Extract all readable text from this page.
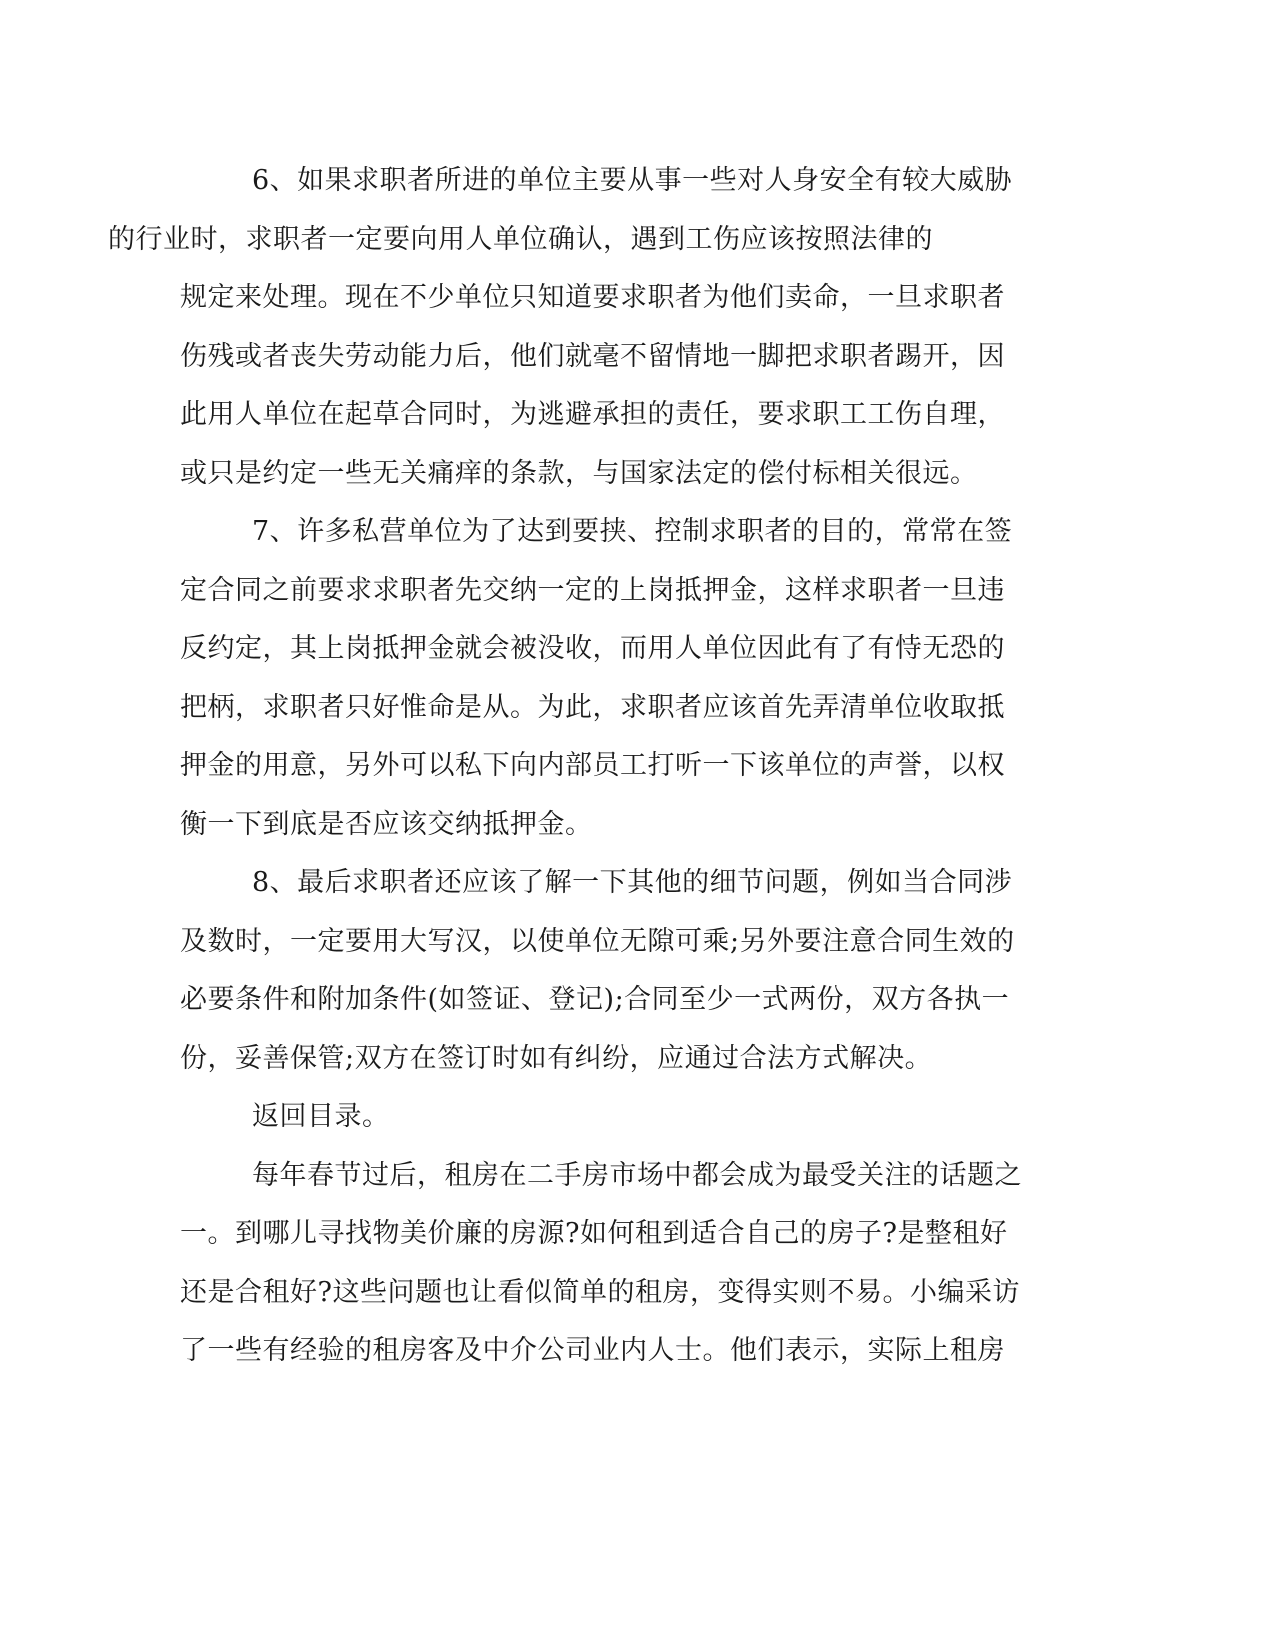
6、如果求职者所进的单位主要从事一些对人身安全有较大威胁
的行业时，求职者一定要向用人单位确认，遇到工伤应该按照法律的
规定来处理。现在不少单位只知道要求职者为他们卖命，一旦求职者
伤残或者丧失劳动能力后，他们就毫不留情地一脚把求职者踢开，因
此用人单位在起草合同时，为逃避承担的责任，要求职工工伤自理，
或只是约定一些无关痛痒的条款，与国家法定的偿付标相关很远。

7、许多私营单位为了达到要挟、控制求职者的目的，常常在签
定合同之前要求求职者先交纳一定的上岗抵押金，这样求职者一旦违
反约定，其上岗抵押金就会被没收，而用人单位因此有了有恃无恐的
把柄，求职者只好惟命是从。为此，求职者应该首先弄清单位收取抵
押金的用意，另外可以私下向内部员工打听一下该单位的声誉，以权
衡一下到底是否应该交纳抵押金。

8、最后求职者还应该了解一下其他的细节问题，例如当合同涉
及数时，一定要用大写汉，以使单位无隙可乘;另外要注意合同生效的
必要条件和附加条件(如签证、登记);合同至少一式两份，双方各执一
份，妥善保管;双方在签订时如有纠纷，应通过合法方式解决。

返回目录。

每年春节过后，租房在二手房市场中都会成为最受关注的话题之
一。到哪儿寻找物美价廉的房源?如何租到适合自己的房子?是整租好
还是合租好?这些问题也让看似简单的租房，变得实则不易。小编采访
了一些有经验的租房客及中介公司业内人士。他们表示，实际上租房
